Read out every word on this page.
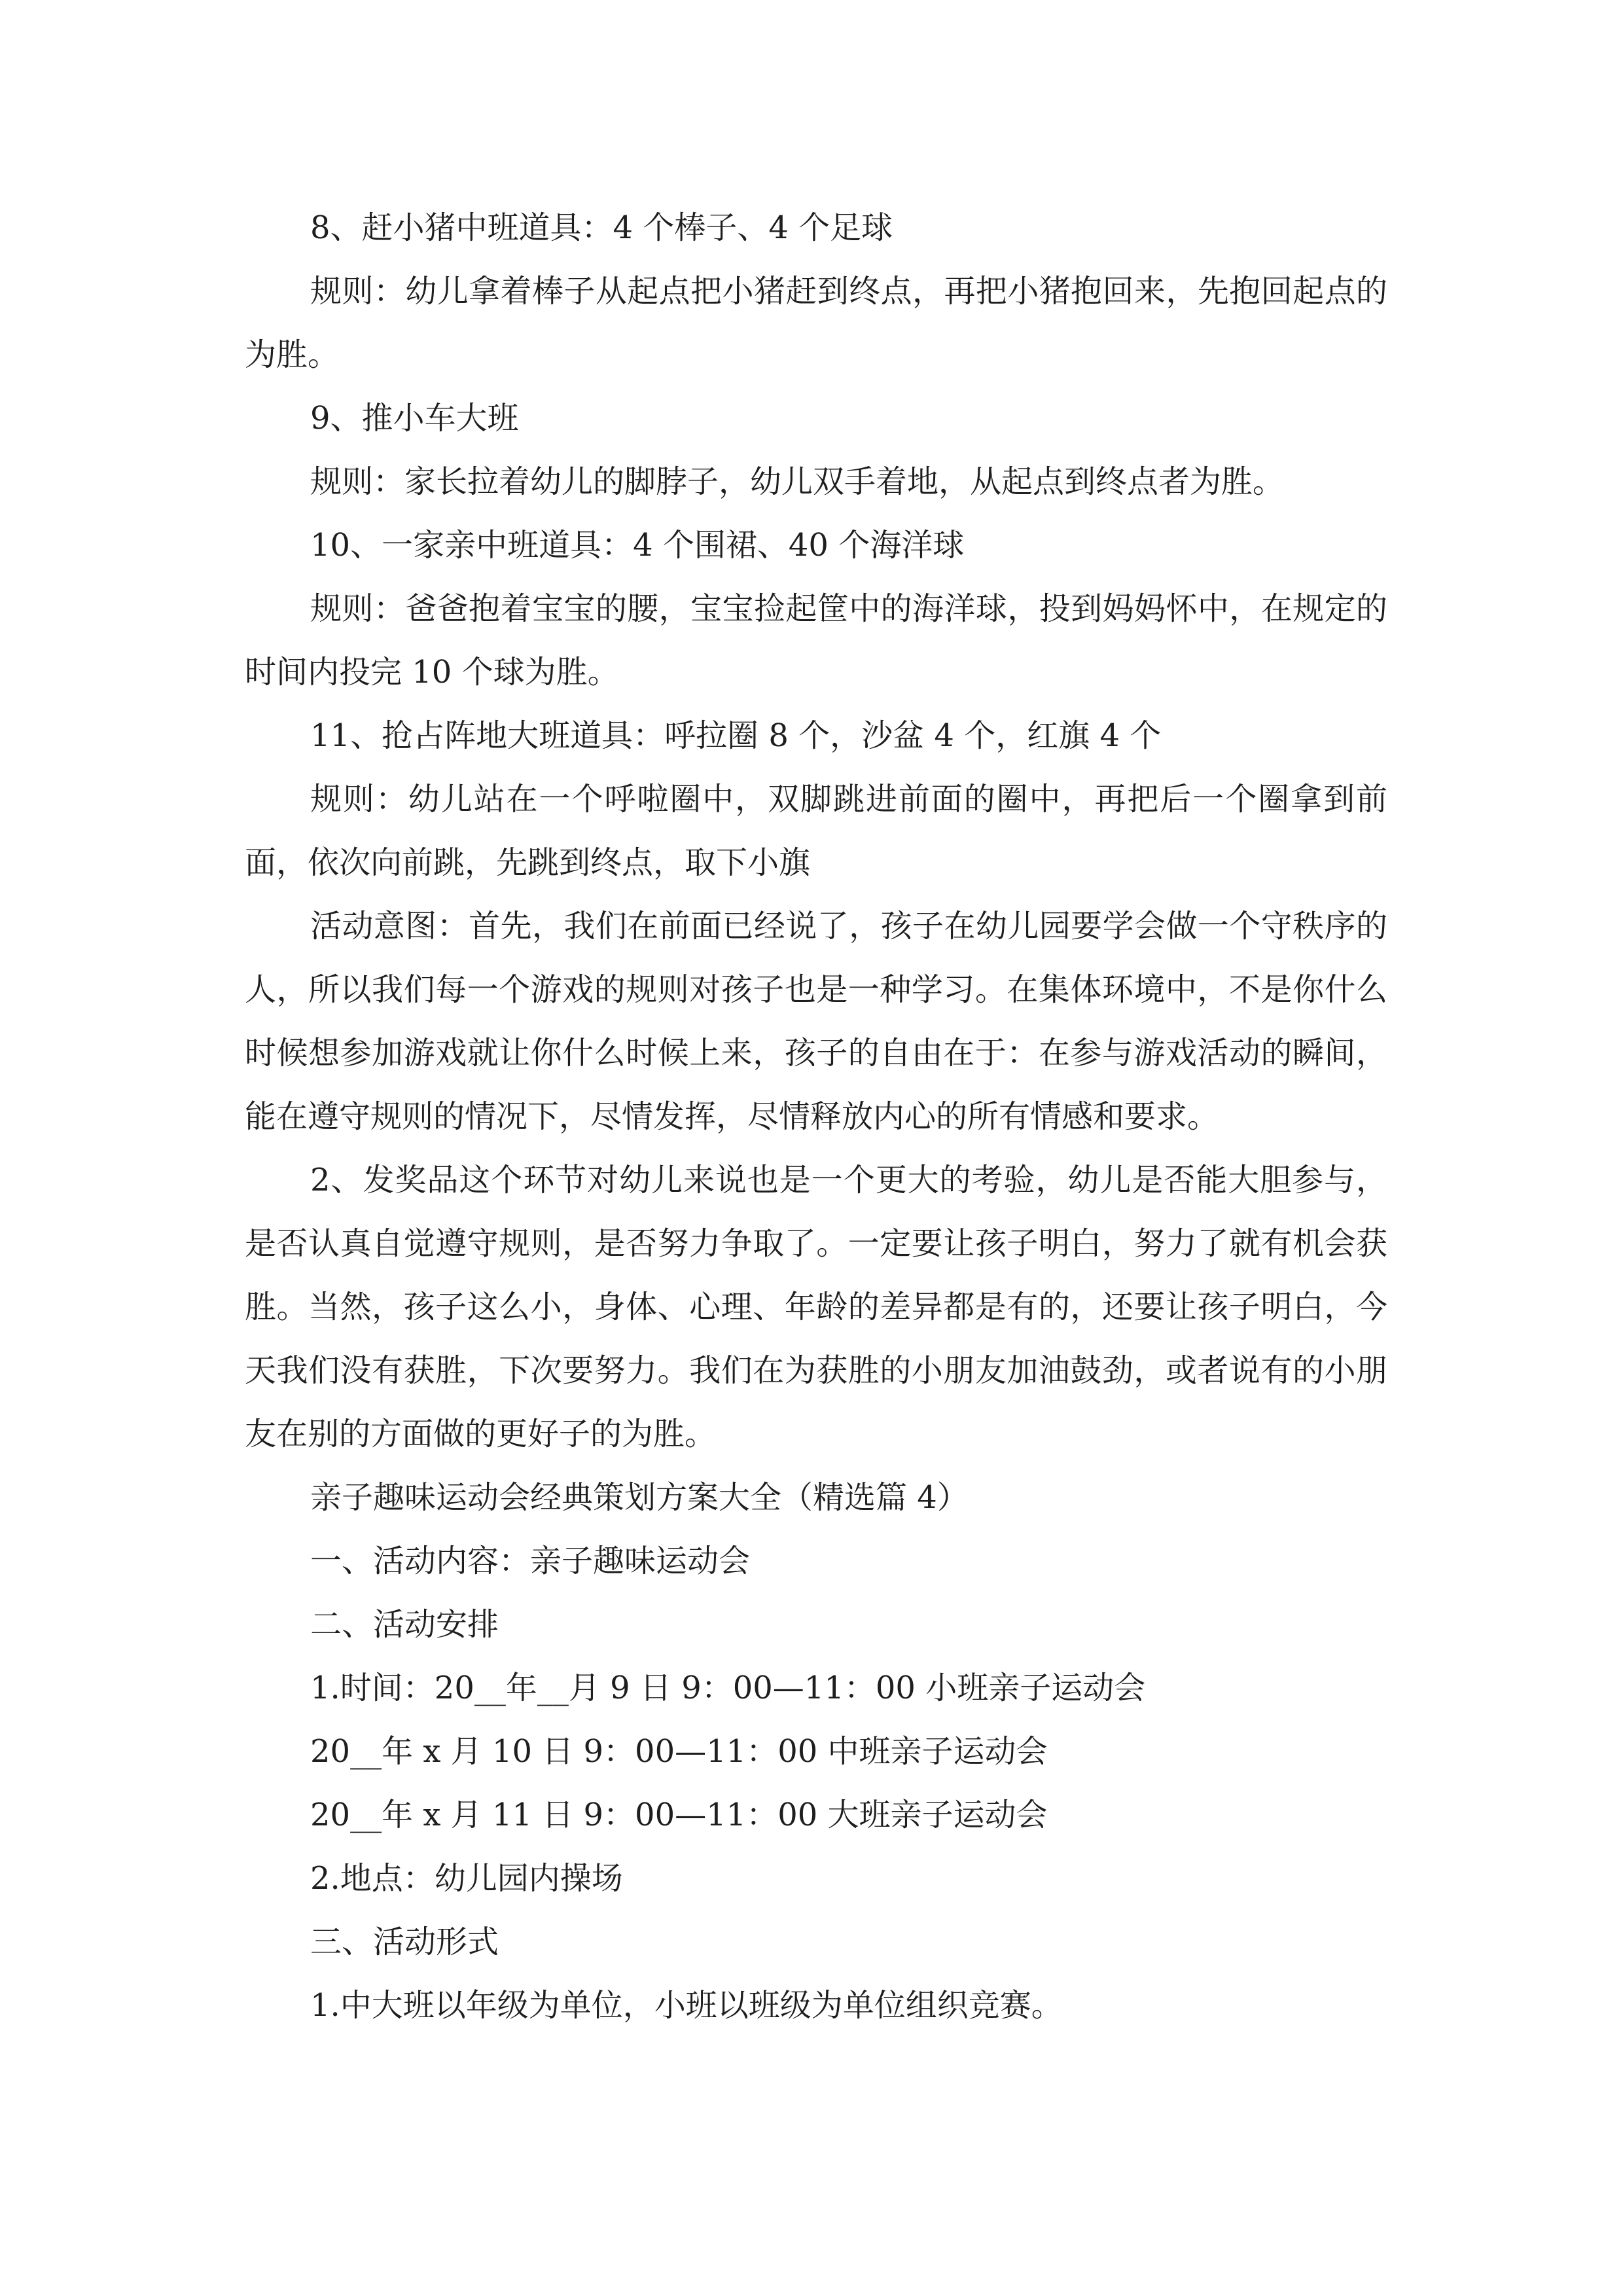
8、赶小猪中班道具：4 个棒子、4 个足球

规则：幼儿拿着棒子从起点把小猪赶到终点，再把小猪抱回来，先抱回起点的为胜。

9、推小车大班

规则：家长拉着幼儿的脚脖子，幼儿双手着地，从起点到终点者为胜。

10、一家亲中班道具：4 个围裙、40 个海洋球

规则：爸爸抱着宝宝的腰，宝宝捡起筐中的海洋球，投到妈妈怀中，在规定的时间内投完 10 个球为胜。

11、抢占阵地大班道具：呼拉圈 8 个，沙盆 4 个，红旗 4 个

规则：幼儿站在一个呼啦圈中，双脚跳进前面的圈中，再把后一个圈拿到前面，依次向前跳，先跳到终点，取下小旗

活动意图：首先，我们在前面已经说了，孩子在幼儿园要学会做一个守秩序的人，所以我们每一个游戏的规则对孩子也是一种学习。在集体环境中，不是你什么时候想参加游戏就让你什么时候上来，孩子的自由在于：在参与游戏活动的瞬间，能在遵守规则的情况下，尽情发挥，尽情释放内心的所有情感和要求。

2、发奖品这个环节对幼儿来说也是一个更大的考验，幼儿是否能大胆参与，是否认真自觉遵守规则，是否努力争取了。一定要让孩子明白，努力了就有机会获胜。当然，孩子这么小，身体、心理、年龄的差异都是有的，还要让孩子明白，今天我们没有获胜，下次要努力。我们在为获胜的小朋友加油鼓劲，或者说有的小朋友在别的方面做的更好子的为胜。

亲子趣味运动会经典策划方案大全（精选篇 4）

一、活动内容：亲子趣味运动会

二、活动安排

1.时间：20__年__月 9 日 9：00—11：00 小班亲子运动会

20__年 x 月 10 日 9：00—11：00 中班亲子运动会

20__年 x 月 11 日 9：00—11：00 大班亲子运动会

2.地点：幼儿园内操场

三、活动形式

1.中大班以年级为单位，小班以班级为单位组织竞赛。
